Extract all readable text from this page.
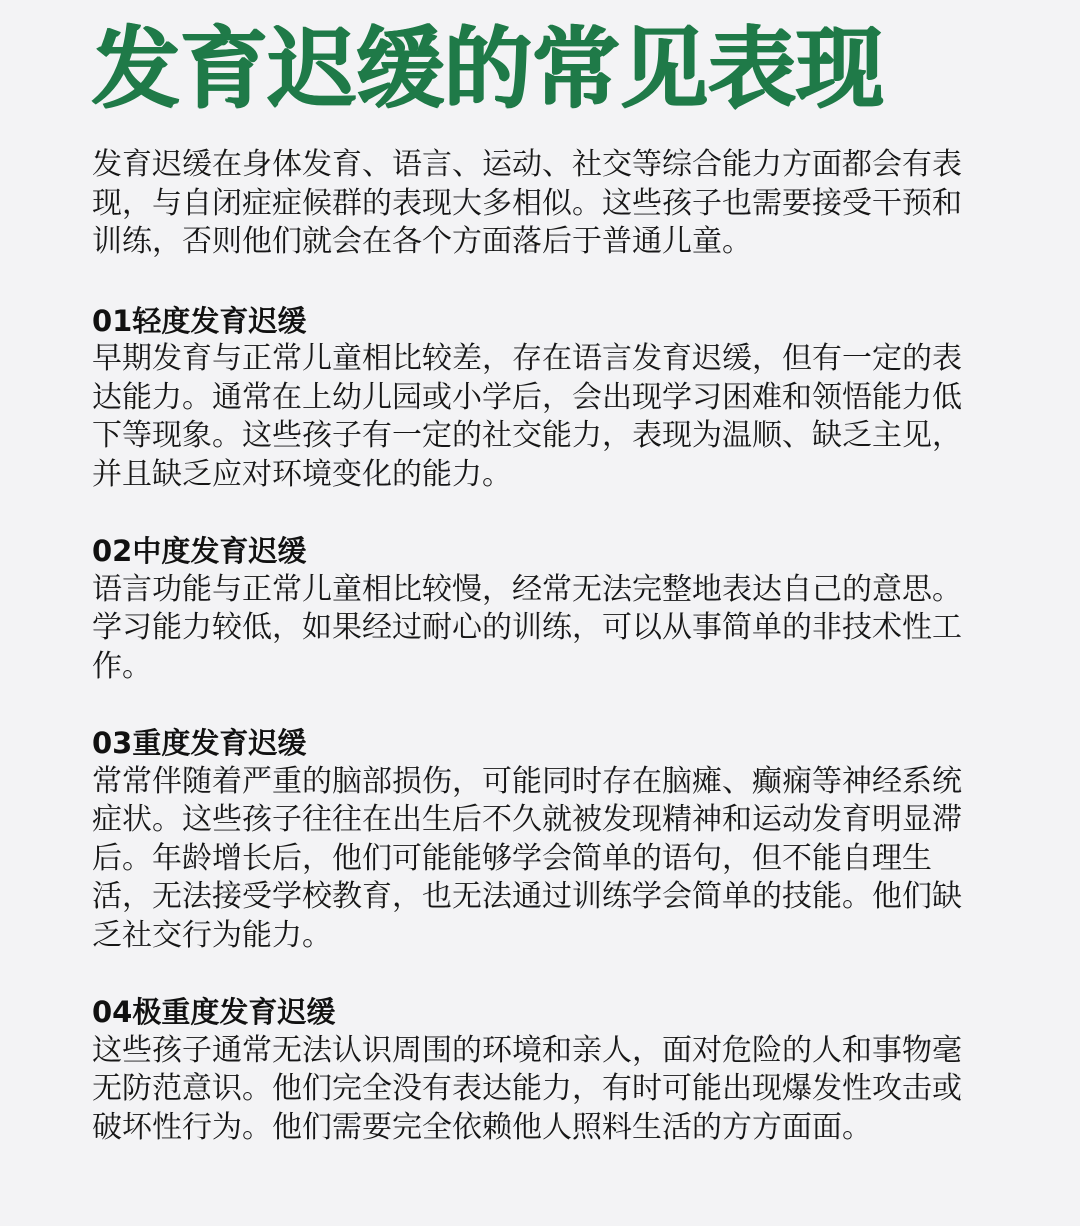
发育迟缓的常见表现

发育迟缓在身体发育、语言、运动、社交等综合能力方面都会有表现，与自闭症症候群的表现大多相似。这些孩子也需要接受干预和训练，否则他们就会在各个方面落后于普通儿童。

01轻度发育迟缓

早期发育与正常儿童相比较差，存在语言发育迟缓，但有一定的表达能力。通常在上幼儿园或小学后，会出现学习困难和领悟能力低下等现象。这些孩子有一定的社交能力，表现为温顺、缺乏主见，并且缺乏应对环境变化的能力。

02中度发育迟缓

语言功能与正常儿童相比较慢，经常无法完整地表达自己的意思。学习能力较低，如果经过耐心的训练，可以从事简单的非技术性工作。

03重度发育迟缓

常常伴随着严重的脑部损伤，可能同时存在脑瘫、癫痫等神经系统症状。这些孩子往往在出生后不久就被发现精神和运动发育明显滞后。年龄增长后，他们可能能够学会简单的语句，但不能自理生活，无法接受学校教育，也无法通过训练学会简单的技能。他们缺乏社交行为能力。

04极重度发育迟缓

这些孩子通常无法认识周围的环境和亲人，面对危险的人和事物毫无防范意识。他们完全没有表达能力，有时可能出现爆发性攻击或破坏性行为。他们需要完全依赖他人照料生活的方方面面。
